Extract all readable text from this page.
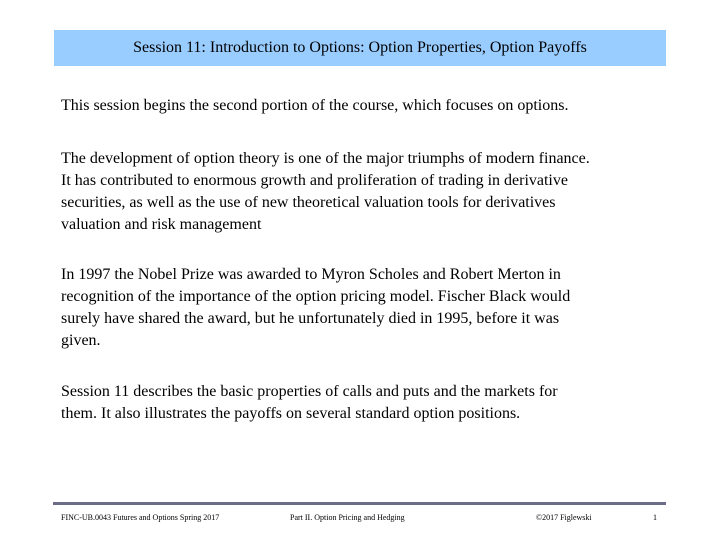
Session 11: Introduction to Options: Option Properties, Option Payoffs
This session begins the second portion of the course, which focuses on options.
The development of option theory is one of the major triumphs of modern finance.
It has contributed to enormous growth and proliferation of trading in derivative
securities, as well as the use of new theoretical valuation tools for derivatives
valuation and risk management
In 1997 the Nobel Prize was awarded to Myron Scholes and Robert Merton in
recognition of the importance of the option pricing model. Fischer Black would
surely have shared the award, but he unfortunately died in 1995, before it was
given.
Session 11 describes the basic properties of calls and puts and the markets for
them. It also illustrates the payoffs on several standard option positions.
FINC-UB.0043 Futures and Options Spring 2017	Part II. Option Pricing and Hedging	©2017 Figlewski	1
